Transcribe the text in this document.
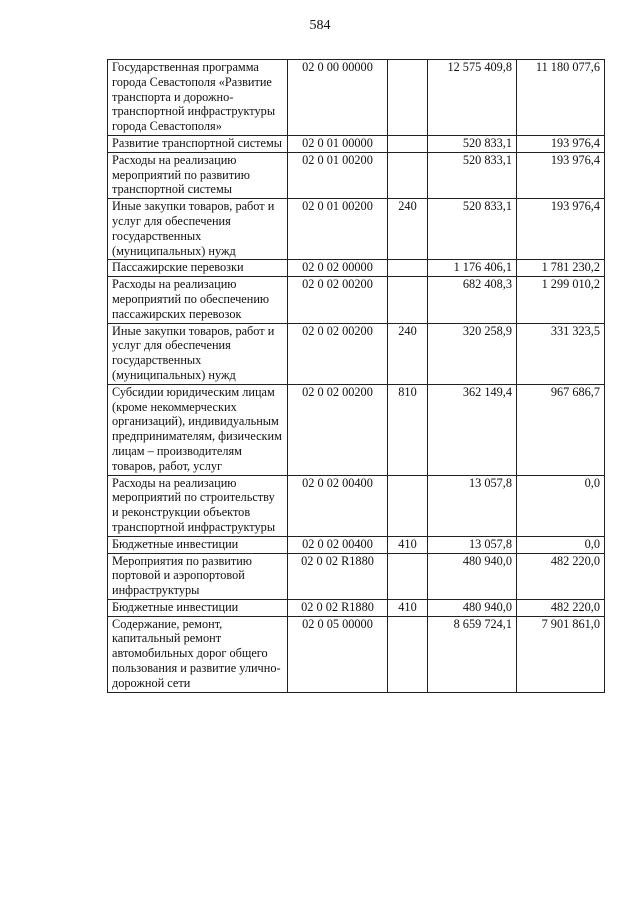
584
Государственная программа города Севастополя «Развитие транспорта и дорожно-транспортной инфраструктуры города Севастополя»	02 0 00 00000		12 575 409,8	11 180 077,6
Развитие транспортной системы	02 0 01 00000		520 833,1	193 976,4
Расходы на реализацию мероприятий по развитию транспортной системы	02 0 01 00200		520 833,1	193 976,4
Иные закупки товаров, работ и услуг для обеспечения государственных (муниципальных) нужд	02 0 01 00200	240	520 833,1	193 976,4
Пассажирские перевозки	02 0 02 00000		1 176 406,1	1 781 230,2
Расходы на реализацию мероприятий по обеспечению пассажирских перевозок	02 0 02 00200		682 408,3	1 299 010,2
Иные закупки товаров, работ и услуг для обеспечения государственных (муниципальных) нужд	02 0 02 00200	240	320 258,9	331 323,5
Субсидии юридическим лицам (кроме некоммерческих организаций), индивидуальным предпринимателям, физическим лицам – производителям товаров, работ, услуг	02 0 02 00200	810	362 149,4	967 686,7
Расходы на реализацию мероприятий по строительству и реконструкции объектов транспортной инфраструктуры	02 0 02 00400		13 057,8	0,0
Бюджетные инвестиции	02 0 02 00400	410	13 057,8	0,0
Мероприятия по развитию портовой и аэропортовой инфраструктуры	02 0 02 R1880		480 940,0	482 220,0
Бюджетные инвестиции	02 0 02 R1880	410	480 940,0	482 220,0
Содержание, ремонт, капитальный ремонт автомобильных дорог общего пользования и развитие улично-дорожной сети	02 0 05 00000		8 659 724,1	7 901 861,0
